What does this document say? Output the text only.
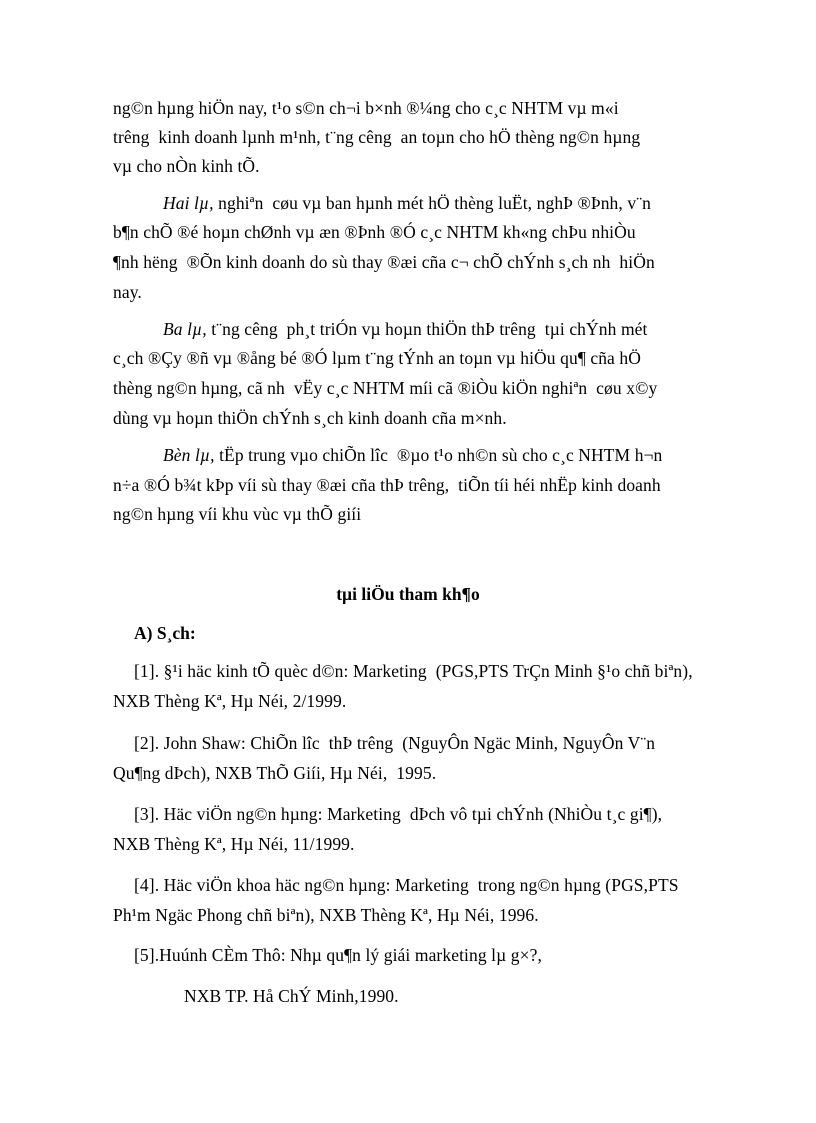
ng©n hµng hiÖn nay, t¹o s©n ch¬i b×nh ®¼ng cho c¸c NHTM vµ m«i
trêng  kinh doanh lµnh m¹nh, t¨ng cêng  an toµn cho hÖ thèng ng©n hµng
vµ cho nÒn kinh tÕ.
Hai lµ, nghiªn  cøu vµ ban hµnh mét hÖ thèng luËt, nghÞ ®Þnh, v¨n
b¶n chÕ ®é hoµn chØnh vµ æn ®Þnh ®Ó c¸c NHTM kh«ng chÞu nhiÒu
¶nh hëng  ®Õn kinh doanh do sù thay ®æi cña c¬ chÕ chÝnh s¸ch nh  hiÖn
nay.
Ba lµ, t¨ng cêng  ph¸t triÓn vµ hoµn thiÖn thÞ trêng  tµi chÝnh mét
c¸ch ®Çy ®ñ vµ ®ång bé ®Ó lµm t¨ng tÝnh an toµn vµ hiÖu qu¶ cña hÖ
thèng ng©n hµng, cã nh  vËy c¸c NHTM míi cã ®iÒu kiÖn nghiªn  cøu x©y
dùng vµ hoµn thiÖn chÝnh s¸ch kinh doanh cña m×nh.
Bèn lµ, tËp trung vµo chiÕn lîc  ®µo t¹o nh©n sù cho c¸c NHTM h¬n
n÷a ®Ó b¾t kÞp víi sù thay ®æi cña thÞ trêng,  tiÕn tíi héi nhËp kinh doanh
ng©n hµng víi khu vùc vµ thÕ giíi
tµi liÖu tham kh¶o
A) S¸ch:
[1]. §¹i häc kinh tÕ quèc d©n: Marketing  (PGS,PTS TrÇn Minh §¹o chñ biªn),
NXB Thèng Kª, Hµ Néi, 2/1999.
[2]. John Shaw: ChiÕn lîc  thÞ trêng  (NguyÔn Ngäc Minh, NguyÔn V¨n
Qu¶ng dÞch), NXB ThÕ Giíi, Hµ Néi,  1995.
[3]. Häc viÖn ng©n hµng: Marketing  dÞch vô tµi chÝnh (NhiÒu t¸c gi¶),
NXB Thèng Kª, Hµ Néi, 11/1999.
[4]. Häc viÖn khoa häc ng©n hµng: Marketing  trong ng©n hµng (PGS,PTS
Ph¹m Ngäc Phong chñ biªn), NXB Thèng Kª, Hµ Néi, 1996.
[5].Huúnh CÈm Thô: Nhµ qu¶n lý giái marketing lµ g×?,
NXB TP. Hå ChÝ Minh,1990.
